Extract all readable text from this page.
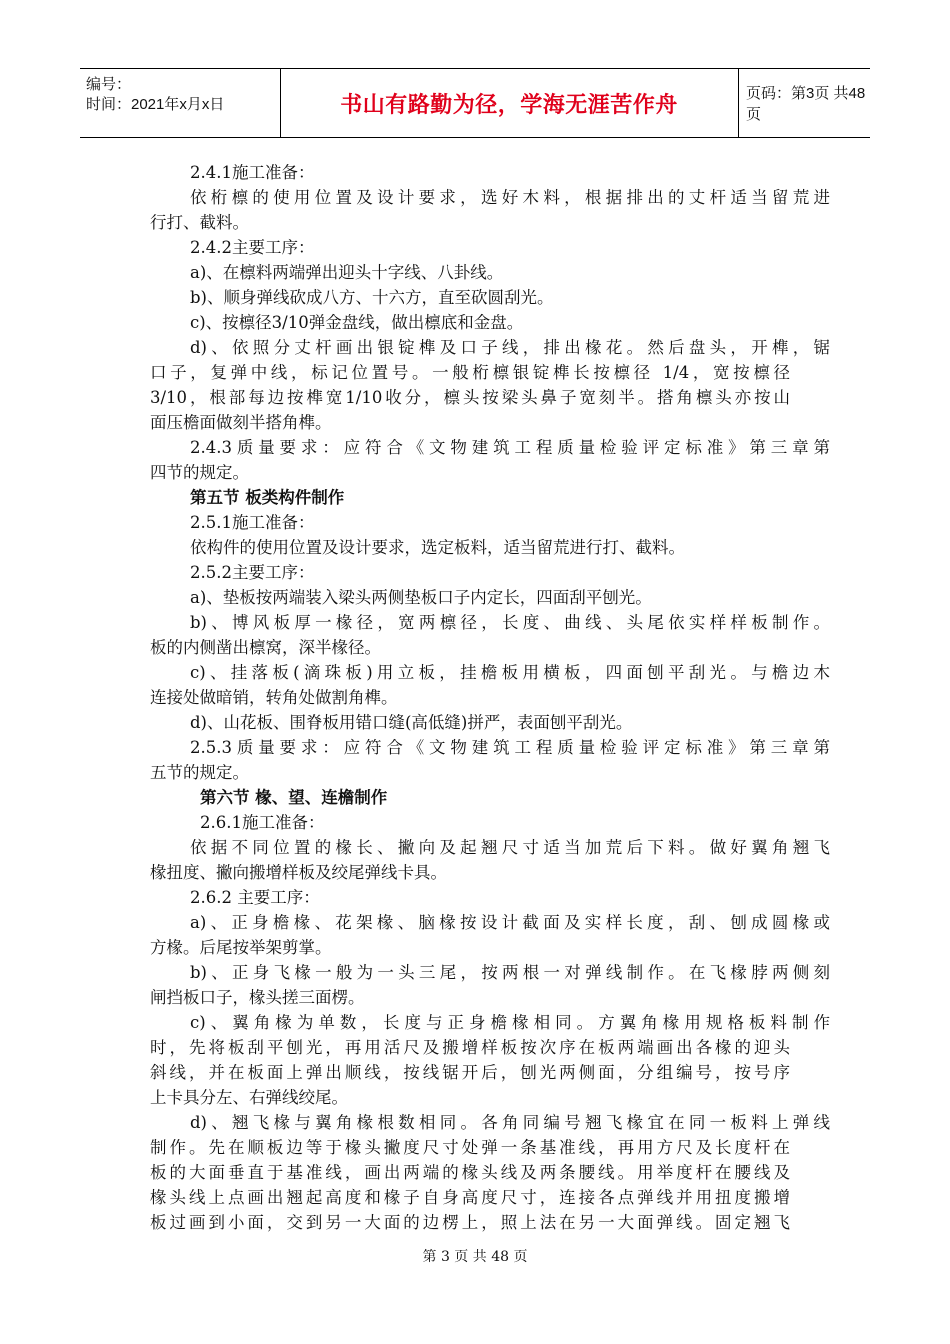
编号：
时间：2021年x月x日	书山有路勤为径，学海无涯苦作舟	页码：第3页 共48页
2.4.1施工准备：
依桁檩的使用位置及设计要求，选好木料，根据排出的丈杆适当留荒进
行打、截料。
2.4.2主要工序：
a)、在檩料两端弹出迎头十字线、八卦线。
b)、顺身弹线砍成八方、十六方，直至砍圆刮光。
c)、按檩径3/10弹金盘线，做出檩底和金盘。
d)、依照分丈杆画出银锭榫及口子线，排出椽花。然后盘头，开榫，锯
口子，复弹中线，标记位置号。一般桁檩银锭榫长按檩径 1/4，宽按檩径
3/10，根部每边按榫宽1/10收分，檩头按梁头鼻子宽刻半。搭角檩头亦按山
面压檐面做刻半搭角榫。
2.4.3质量要求：应符合《文物建筑工程质量检验评定标准》第三章第
四节的规定。
第五节 板类构件制作
2.5.1施工准备：
依构件的使用位置及设计要求，选定板料，适当留荒进行打、截料。
2.5.2主要工序：
a)、垫板按两端装入梁头两侧垫板口子内定长，四面刮平刨光。
b)、博风板厚一椽径，宽两檩径，长度、曲线、头尾依实样样板制作。
板的内侧凿出檩窝，深半椽径。
c)、挂落板(滴珠板)用立板，挂檐板用横板，四面刨平刮光。与檐边木
连接处做暗销，转角处做割角榫。
d)、山花板、围脊板用错口缝(高低缝)拼严，表面刨平刮光。
2.5.3质量要求：应符合《文物建筑工程质量检验评定标准》第三章第
五节的规定。
第六节 椽、望、连檐制作
2.6.1施工准备：
依据不同位置的椽长、撇向及起翘尺寸适当加荒后下料。做好翼角翘飞
椽扭度、撇向搬增样板及绞尾弹线卡具。
2.6.2 主要工序：
a)、正身檐椽、花架椽、脑椽按设计截面及实样长度，刮、刨成圆椽或
方椽。后尾按举架剪掌。
b)、正身飞椽一般为一头三尾，按两根一对弹线制作。在飞椽脖两侧刻
闸挡板口子，椽头搓三面楞。
c)、翼角椽为单数，长度与正身檐椽相同。方翼角椽用规格板料制作
时，先将板刮平刨光，再用活尺及搬增样板按次序在板两端画出各椽的迎头
斜线，并在板面上弹出顺线，按线锯开后，刨光两侧面，分组编号，按号序
上卡具分左、右弹线绞尾。
d)、翘飞椽与翼角椽根数相同。各角同编号翘飞椽宜在同一板料上弹线
制作。先在顺板边等于椽头撇度尺寸处弹一条基准线，再用方尺及长度杆在
板的大面垂直于基准线，画出两端的椽头线及两条腰线。用举度杆在腰线及
椽头线上点画出翘起高度和椽子自身高度尺寸，连接各点弹线并用扭度搬增
板过画到小面，交到另一大面的边楞上，照上法在另一大面弹线。固定翘飞
第 3 页 共 48 页
